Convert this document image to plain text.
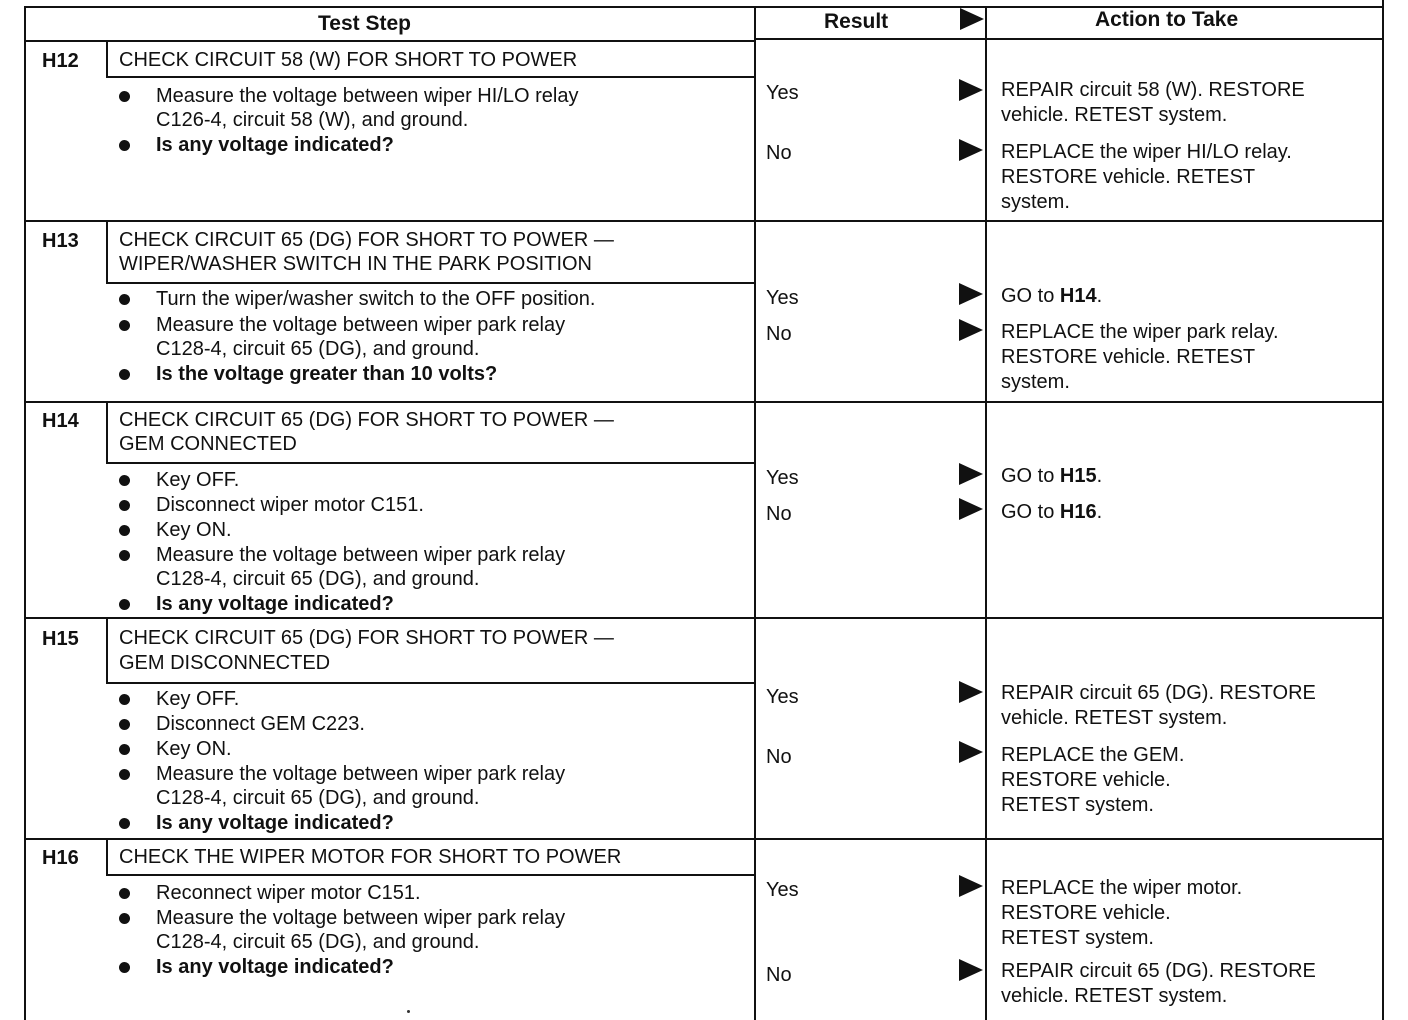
H12 CHECK CIRCUIT 58 (W) FOR SHORT TO POWER
Measure the voltage between wiper HI/LO relay
C126-4, circuit 58 (W), and ground.
Is any voltage indicated?
Yes	REPAIR circuit 58 (W). RESTORE
vehicle. RETEST system.
No	REPLACE the wiper HI/LO relay.
RESTORE vehicle. RETEST
system.
H13 CHECK CIRCUIT 65 (DG) FOR SHORT TO POWER —
WIPER/WASHER SWITCH IN THE PARK POSITION
Turn the wiper/washer switch to the OFF position.
Measure the voltage between wiper park relay
C128-4, circuit 65 (DG), and ground.
Is the voltage greater than 10 volts?
Yes	GO to H14.
No	REPLACE the wiper park relay.
RESTORE vehicle. RETEST
system.
H14 CHECK CIRCUIT 65 (DG) FOR SHORT TO POWER —
GEM CONNECTED
Key OFF.
Disconnect wiper motor C151.
Key ON.
Measure the voltage between wiper park relay
C128-4, circuit 65 (DG), and ground.
Is any voltage indicated?
Yes	GO to H15.
No	GO to H16.
H15 CHECK CIRCUIT 65 (DG) FOR SHORT TO POWER —
GEM DISCONNECTED
Key OFF.
Disconnect GEM C223.
Key ON.
Measure the voltage between wiper park relay
C128-4, circuit 65 (DG), and ground.
Is any voltage indicated?
Yes	REPAIR circuit 65 (DG). RESTORE
vehicle. RETEST system.
No	REPLACE the GEM.
RESTORE vehicle.
RETEST system.
H16 CHECK THE WIPER MOTOR FOR SHORT TO POWER
Reconnect wiper motor C151.
Measure the voltage between wiper park relay
C128-4, circuit 65 (DG), and ground.
Is any voltage indicated?
Yes	REPLACE the wiper motor.
RESTORE vehicle.
RETEST system.
No	REPAIR circuit 65 (DG). RESTORE
vehicle. RETEST system.
Test Step	Result	Action to Take
